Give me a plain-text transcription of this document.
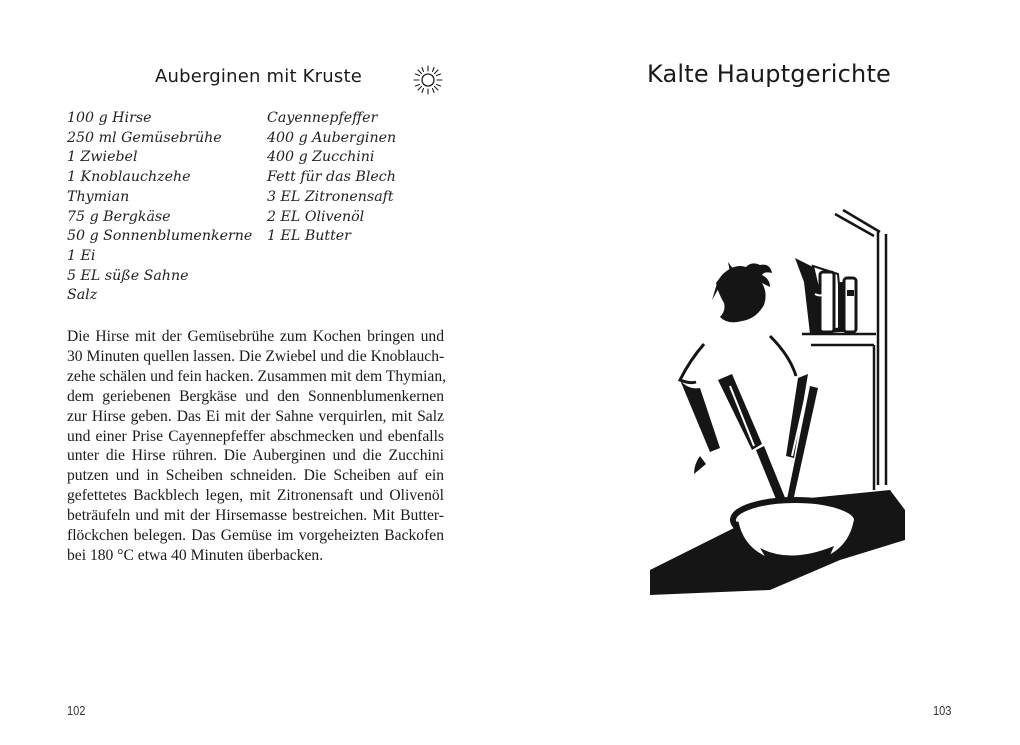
Auberginen mit Kruste
100 g Hirse
250 ml Gemüsebrühe
1 Zwiebel
1 Knoblauchzehe
Thymian
75 g Bergkäse
50 g Sonnenblumenkerne
1 Ei
5 EL süße Sahne
Salz
Cayennepfeffer
400 g Auberginen
400 g Zucchini
Fett für das Blech
3 EL Zitronensaft
2 EL Olivenöl
1 EL Butter
Die Hirse mit der Gemüsebrühe zum Kochen bringen und
30 Minuten quellen lassen. Die Zwiebel und die Knoblauch-
zehe schälen und fein hacken. Zusammen mit dem Thymian,
dem geriebenen Bergkäse und den Sonnenblumenkernen
zur Hirse geben. Das Ei mit der Sahne verquirlen, mit Salz
und einer Prise Cayennepfeffer abschmecken und ebenfalls
unter die Hirse rühren. Die Auberginen und die Zucchini
putzen und in Scheiben schneiden. Die Scheiben auf ein
gefettetes Backblech legen, mit Zitronensaft und Olivenöl
beträufeln und mit der Hirsemasse bestreichen. Mit Butter-
flöckchen belegen. Das Gemüse im vorgeheizten Backofen
bei 180 °C etwa 40 Minuten überbacken.
102
Kalte Hauptgerichte
103
